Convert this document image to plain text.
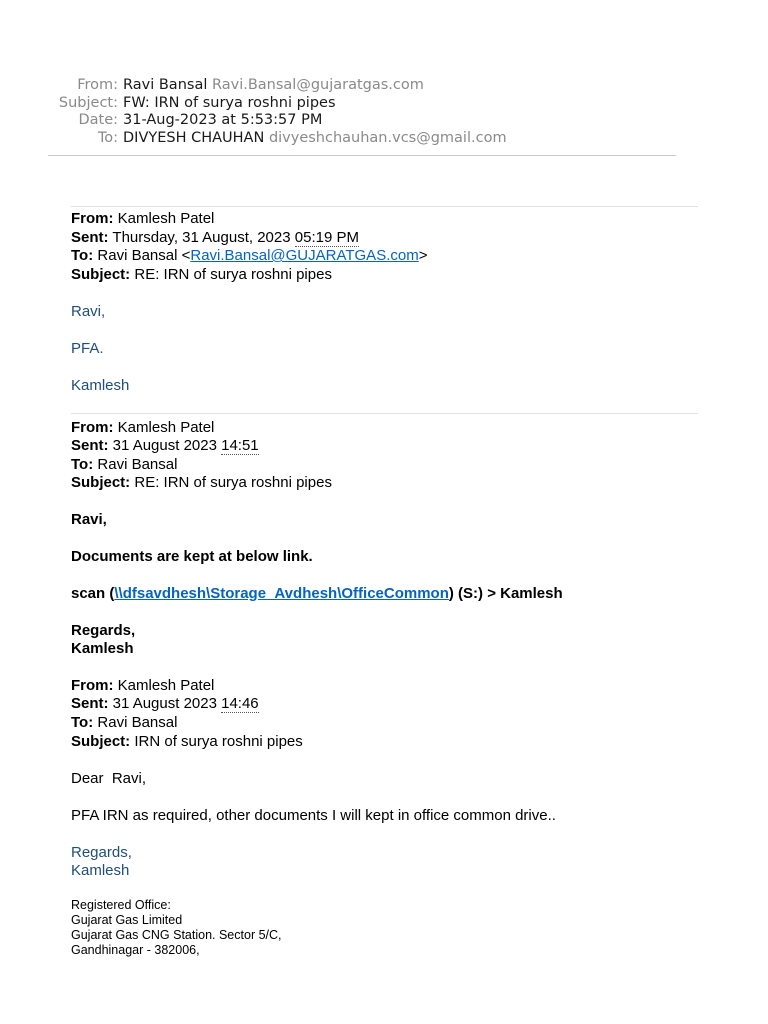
From: Ravi Bansal Ravi.Bansal@gujaratgas.com
Subject: FW: IRN of surya roshni pipes
Date: 31-Aug-2023 at 5:53:57 PM
To: DIVYESH CHAUHAN divyeshchauhan.vcs@gmail.com
From: Kamlesh Patel
Sent: Thursday, 31 August, 2023 05:19 PM
To: Ravi Bansal <Ravi.Bansal@GUJARATGAS.com>
Subject: RE: IRN of surya roshni pipes
Ravi,
PFA.
Kamlesh
From: Kamlesh Patel
Sent: 31 August 2023 14:51
To: Ravi Bansal
Subject: RE: IRN of surya roshni pipes
Ravi,
Documents are kept at below link.
scan (\\dfsavdhesh\Storage_Avdhesh\OfficeCommon) (S:) > Kamlesh
Regards,
Kamlesh
From: Kamlesh Patel
Sent: 31 August 2023 14:46
To: Ravi Bansal
Subject: IRN of surya roshni pipes
Dear  Ravi,
PFA IRN as required, other documents I will kept in office common drive..
Regards,
Kamlesh
Registered Office:
Gujarat Gas Limited
Gujarat Gas CNG Station. Sector 5/C,
Gandhinagar - 382006,
